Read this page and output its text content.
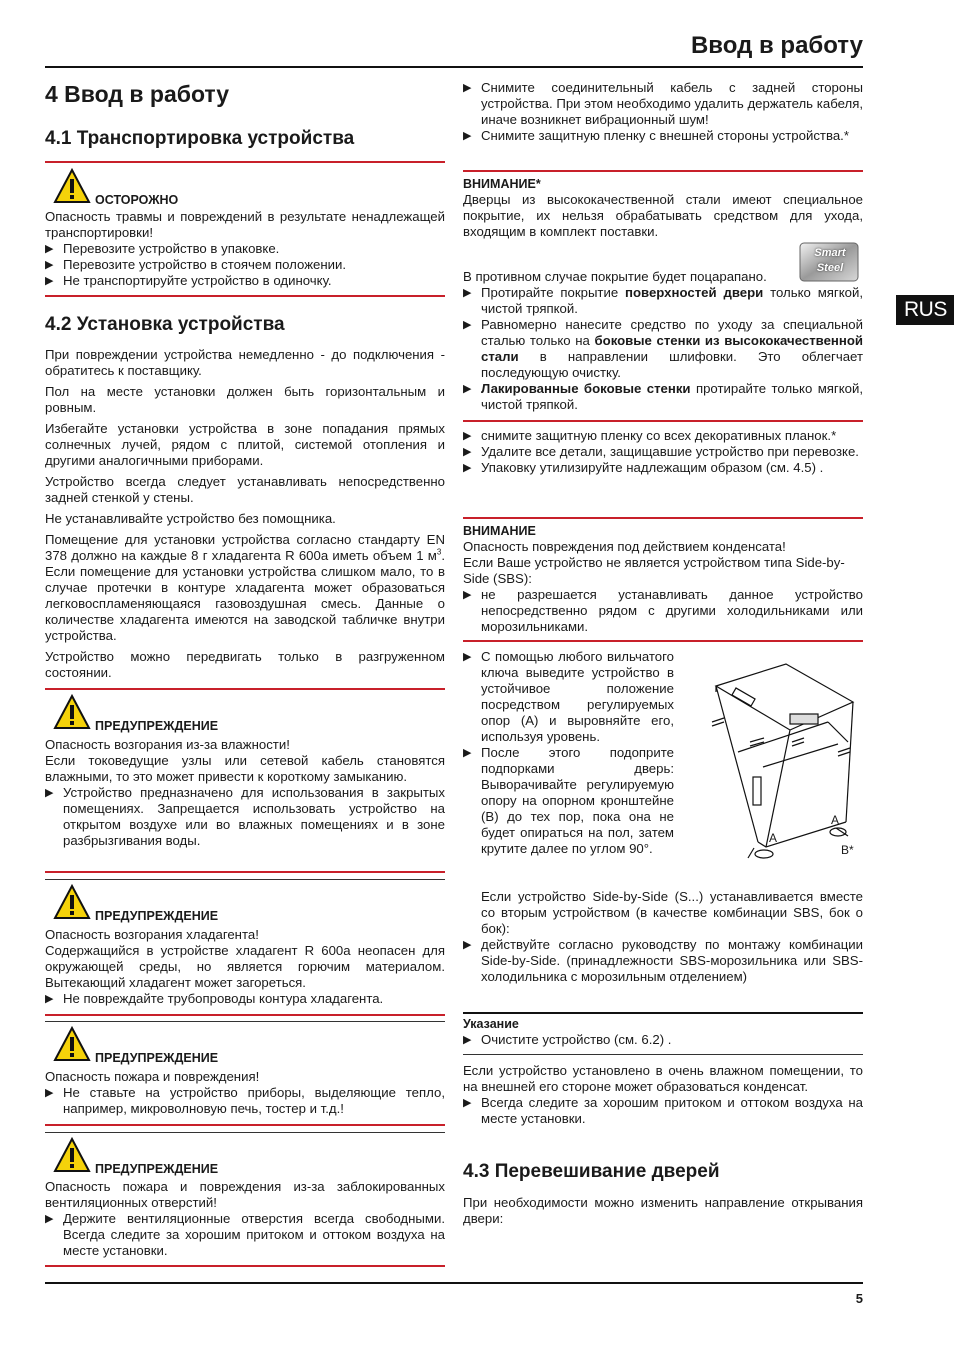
Ввод в работу
RUS
4 Ввод в работу
4.1 Транспортировка устройства
ОСТОРОЖНО

Опасность травмы и повреждений в результате ненадлежащей транспортировки!

▶ Перевозите устройство в упаковке.
▶ Перевозите устройство в стоячем положении.
▶ Не транспортируйте устройство в одиночку.
4.2 Установка устройства

При повреждении устройства немедленно - до подключения - обратитесь к поставщику.

Пол на месте установки должен быть горизонтальным и ровным.

Избегайте установки устройства в зоне попадания прямых солнечных лучей, рядом с плитой, системой отопления и другими аналогичными приборами.

Устройство всегда следует устанавливать непосредственно задней стенкой у стены.

Не устанавливайте устройство без помощника.

Помещение для установки устройства согласно стандарту EN 378 должно на каждые 8 г хладагента R 600a иметь объем 1 $м^3$. Если помещение для установки устройства слишком мало, то в случае протечки в контуре хладагента может образоваться легковоспламеняющаяся газовоздушная смесь. Данные о количестве хладагента имеются на заводской табличке внутри устройства.

Устройство можно передвигать только в разгруженном состоянии.

ПРЕДУПРЕЖДЕНИЕ

Опасность возгорания из-за влажности!

Если токоведущие узлы или сетевой кабель становятся влажными, то это может привести к короткому замыканию.

▶ Устройство предназначено для использования в закрытых помещениях. Запрещается использовать устройство на открытом воздухе или во влажных помещениях и в зоне разбрызгивания воды.
ПРЕДУПРЕЖДЕНИЕ

Опасность возгорания хладагента!

Содержащийся в устройстве хладагент R 600a неопасен для окружающей среды, но является горючим материалом. Вытекающий хладагент может загореться.

▶ Не повреждайте трубопроводы контура хладагента.
ПРЕДУПРЕЖДЕНИЕ

Опасность пожара и повреждения!

▶ Не ставьте на устройство приборы, выделяющие тепло, например, микроволновую печь, тостер и т.д.!
ПРЕДУПРЕЖДЕНИЕ

Опасность пожара и повреждения из-за заблокированных вентиляционных отверстий!

▶ Держите вентиляционные отверстия всегда свободными. Всегда следите за хорошим притоком и оттоком воздуха на месте установки.
▶ Снимите соединительный кабель с задней стороны устройства. При этом необходимо удалить держатель кабеля, иначе возникнет вибрационный шум!
▶ Снимите защитную пленку с внешней стороны устройства.*

ВНИМАНИЕ*

Дверцы из высококачественной стали имеют специальное покрытие, их нельзя обрабатывать средством для ухода, входящим в комплект поставки.

Smart Steel

В противном случае покрытие будет поцарапано.

▶ Протирайте покрытие поверхностей двери только мягкой, чистой тряпкой.
▶ Равномерно нанесите средство по уходу за специальной сталью только на боковые стенки из высококачественной стали в направлении шлифовки. Это облегчает последующую очистку.
▶ Лакированные боковые стенки протирайте только мягкой, чистой тряпкой.
▶ снимите защитную пленку со всех декоративных планок.*
▶ Удалите все детали, защищавшие устройство при перевозке.
▶ Упаковку утилизируйте надлежащим образом (см. 4.5) .

ВНИМАНИЕ

Опасность повреждения под действием конденсата!

Если Ваше устройство не является устройством типа Side-by-Side (SBS):

▶ не разрешается устанавливать данное устройство непосредственно рядом с другими холодильниками или морозильниками.
▶ С помощью любого вильчатого ключа выведите устройство в устойчивое положение посредством регулируемых опор (A) и выровняйте его, используя уровень.
▶ После этого подоприте подпорками дверь: Выворачивайте регулируемую опору на опорном кронштейне (B) до тех пор, пока она не будет опираться на пол, затем крутите далее по углом 90°.
A
A
B*

Если устройство Side-by-Side (S...) устанавливается вместе со вторым устройством (в качестве комбинации SBS, бок о бок):

▶ действуйте согласно руководству по монтажу комбинации Side-by-Side. (принадлежности SBS-морозильника или SBS-холодильника с морозильным отделением)

Указание

▶ Очистите устройство (см. 6.2) .

Если устройство установлено в очень влажном помещении, то на внешней его стороне может образоваться конденсат.

▶ Всегда следите за хорошим притоком и оттоком воздуха на месте установки.
4.3 Перевешивание дверей

При необходимости можно изменить направление открывания двери:

5
